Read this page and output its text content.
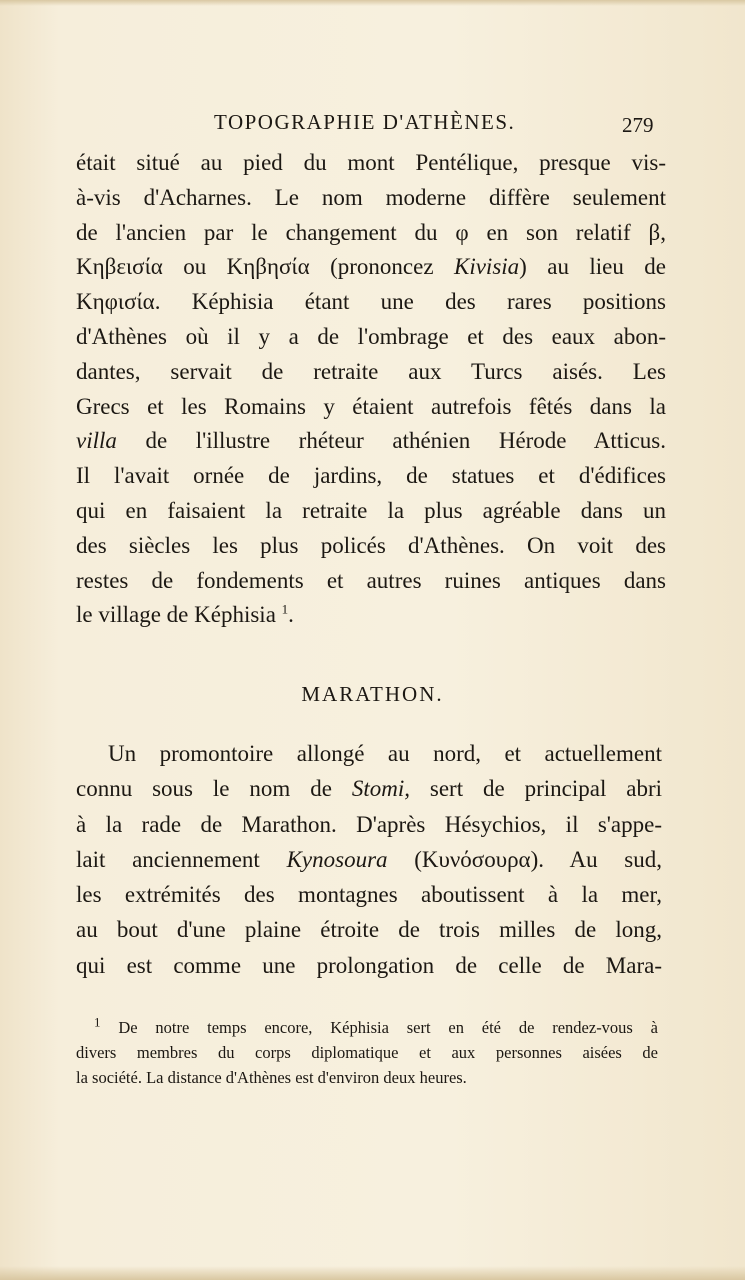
TOPOGRAPHIE D'ATHÈNES.	279
était situé au pied du mont Pentélique, presque vis-
à-vis d'Acharnes. Le nom moderne diffère seulement
de l'ancien par le changement du φ en son relatif β,
Κηβεισία ou Κηβησία (prononcez Kivisia) au lieu de
Κηφισία. Képhisia étant une des rares positions
d'Athènes où il y a de l'ombrage et des eaux abon-
dantes, servait de retraite aux Turcs aisés. Les
Grecs et les Romains y étaient autrefois fêtés dans la
villa de l'illustre rhéteur athénien Hérode Atticus.
Il l'avait ornée de jardins, de statues et d'édifices
qui en faisaient la retraite la plus agréable dans un
des siècles les plus policés d'Athènes. On voit des
restes de fondements et autres ruines antiques dans
le village de Képhisia $^1$.
MARATHON.
Un promontoire allongé au nord, et actuellement
connu sous le nom de Stomi, sert de principal abri
à la rade de Marathon. D'après Hésychios, il s'appe-
lait anciennement Kynosoura (Κυνόσουρα). Au sud,
les extrémités des montagnes aboutissent à la mer,
au bout d'une plaine étroite de trois milles de long,
qui est comme une prolongation de celle de Mara-
$^1$ De notre temps encore, Képhisia sert en été de rendez-vous à
divers membres du corps diplomatique et aux personnes aisées de
la société. La distance d'Athènes est d'environ deux heures.
